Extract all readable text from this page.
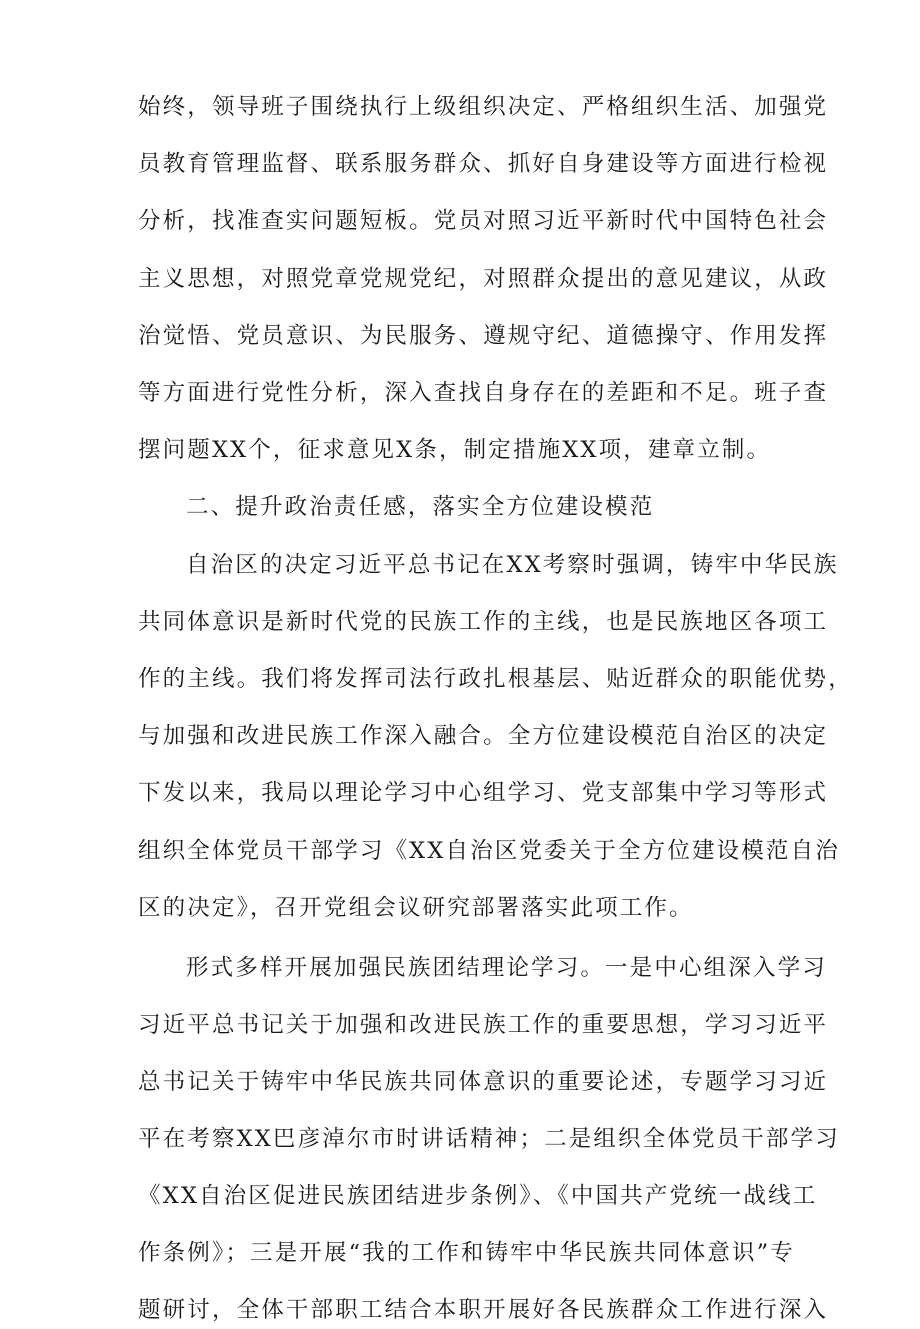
始终，领导班子围绕执行上级组织决定、严格组织生活、加强党
员教育管理监督、联系服务群众、抓好自身建设等方面进行检视
分析，找准查实问题短板。党员对照习近平新时代中国特色社会
主义思想，对照党章党规党纪，对照群众提出的意见建议，从政
治觉悟、党员意识、为民服务、遵规守纪、道德操守、作用发挥
等方面进行党性分析，深入查找自身存在的差距和不足。班子查
摆问题XX个，征求意见X条，制定措施XX项，建章立制。
二、提升政治责任感，落实全方位建设模范
自治区的决定习近平总书记在XX考察时强调，铸牢中华民族
共同体意识是新时代党的民族工作的主线，也是民族地区各项工
作的主线。我们将发挥司法行政扎根基层、贴近群众的职能优势，
与加强和改进民族工作深入融合。全方位建设模范自治区的决定
下发以来，我局以理论学习中心组学习、党支部集中学习等形式
组织全体党员干部学习《XX自治区党委关于全方位建设模范自治
区的决定》，召开党组会议研究部署落实此项工作。
形式多样开展加强民族团结理论学习。一是中心组深入学习
习近平总书记关于加强和改进民族工作的重要思想，学习习近平
总书记关于铸牢中华民族共同体意识的重要论述，专题学习习近
平在考察XX巴彦淖尔市时讲话精神；二是组织全体党员干部学习
《XX自治区促进民族团结进步条例》、《中国共产党统一战线工
作条例》；三是开展“我的工作和铸牢中华民族共同体意识”专
题研讨，全体干部职工结合本职开展好各民族群众工作进行深入
